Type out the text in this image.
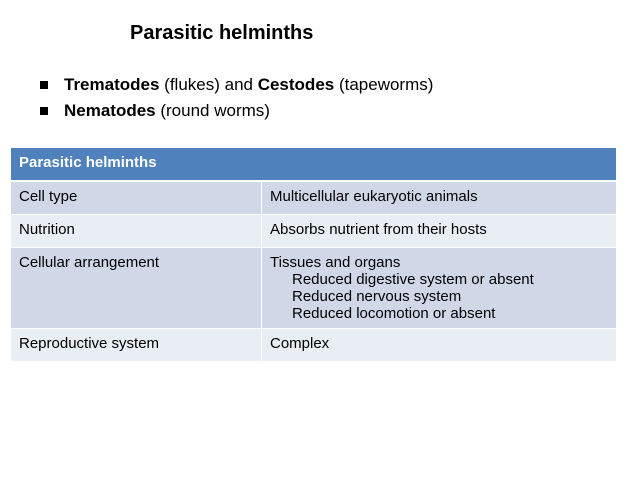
Parasitic helminths
Trematodes (flukes) and Cestodes (tapeworms)
Nematodes (round worms)
Parasitic helminths	
Cell type	Multicellular eukaryotic animals
Nutrition	Absorbs nutrient from their hosts
Cellular arrangement	Tissues and organs
Reduced digestive system or absent
Reduced nervous system
Reduced locomotion or absent

Reproductive system	Complex
